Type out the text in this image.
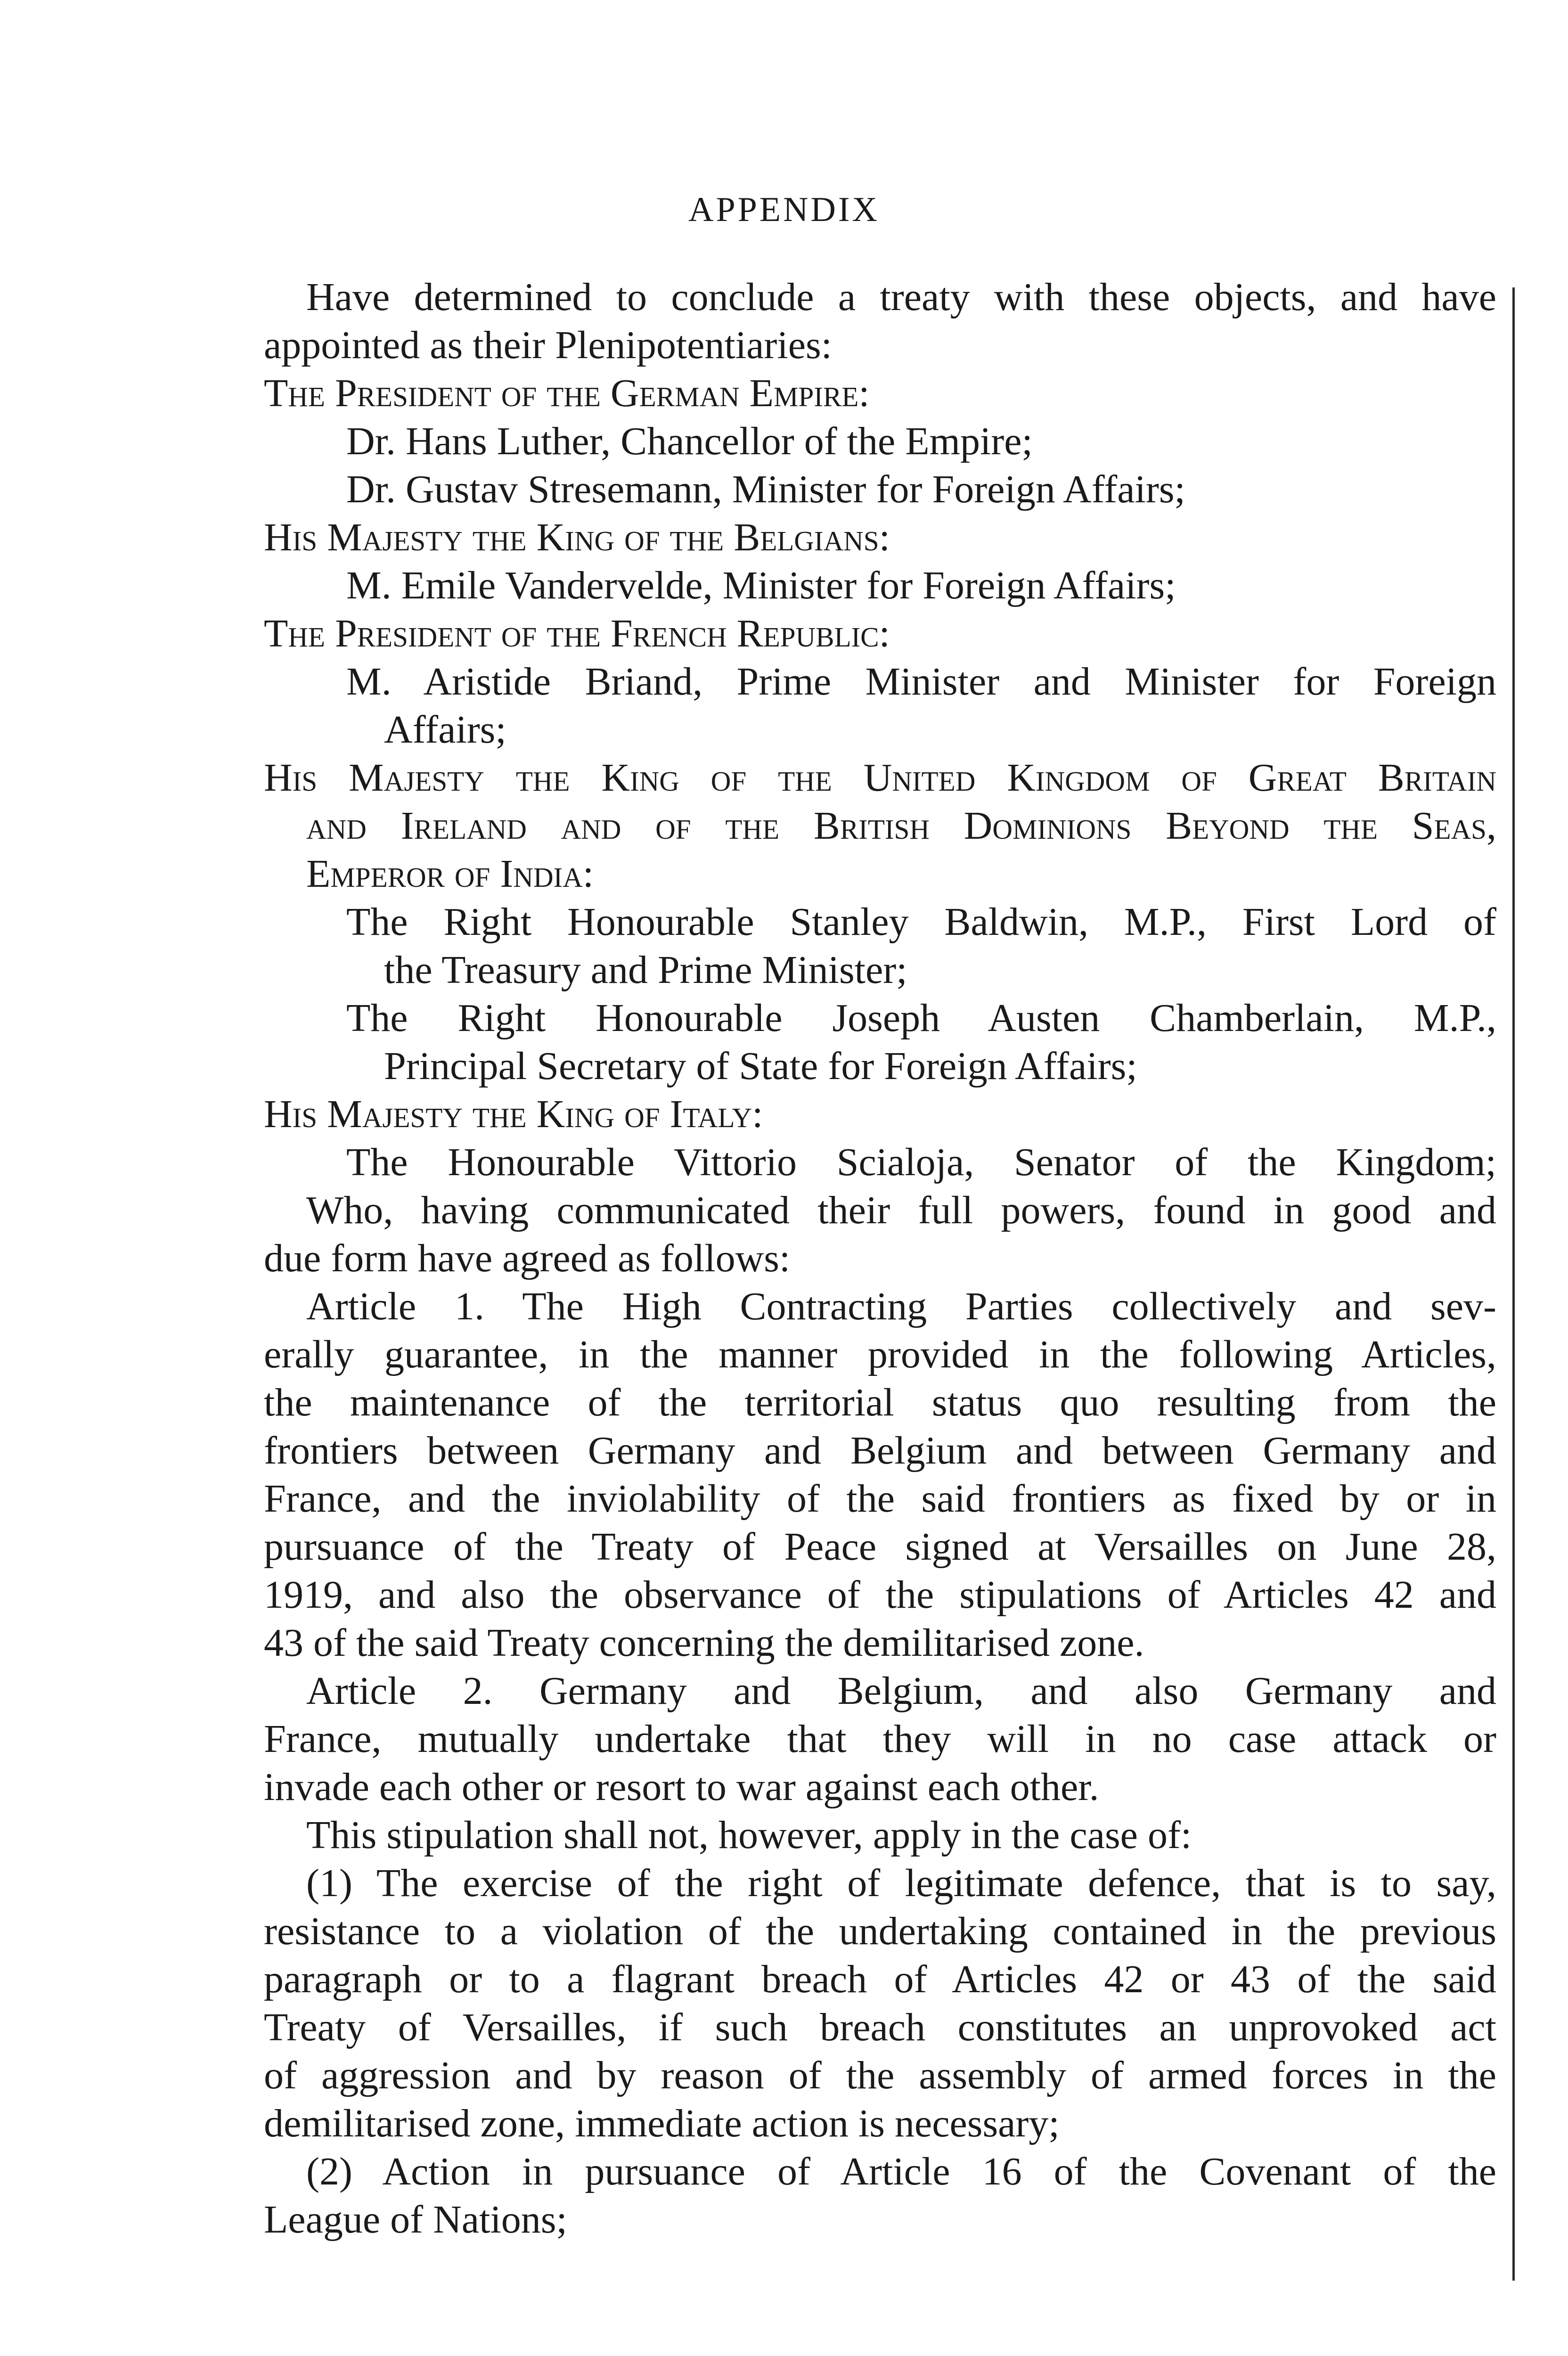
APPENDIX
Have determined to conclude a treaty with these objects, and have
appointed as their Plenipotentiaries:
The President of the German Empire:
Dr. Hans Luther, Chancellor of the Empire;
Dr. Gustav Stresemann, Minister for Foreign Affairs;
His Majesty the King of the Belgians:
M. Emile Vandervelde, Minister for Foreign Affairs;
The President of the French Republic:
M. Aristide Briand, Prime Minister and Minister for Foreign
Affairs;
His Majesty the King of the United Kingdom of Great Britain
and Ireland and of the British Dominions Beyond the Seas,
Emperor of India:
The Right Honourable Stanley Baldwin, M.P., First Lord of
the Treasury and Prime Minister;
The Right Honourable Joseph Austen Chamberlain, M.P.,
Principal Secretary of State for Foreign Affairs;
His Majesty the King of Italy:
The Honourable Vittorio Scialoja, Senator of the Kingdom;
Who, having communicated their full powers, found in good and
due form have agreed as follows:
Article 1. The High Contracting Parties collectively and sev-
erally guarantee, in the manner provided in the following Articles,
the maintenance of the territorial status quo resulting from the
frontiers between Germany and Belgium and between Germany and
France, and the inviolability of the said frontiers as fixed by or in
pursuance of the Treaty of Peace signed at Versailles on June 28,
1919, and also the observance of the stipulations of Articles 42 and
43 of the said Treaty concerning the demilitarised zone.
Article 2. Germany and Belgium, and also Germany and
France, mutually undertake that they will in no case attack or
invade each other or resort to war against each other.
This stipulation shall not, however, apply in the case of:
(1) The exercise of the right of legitimate defence, that is to say,
resistance to a violation of the undertaking contained in the previous
paragraph or to a flagrant breach of Articles 42 or 43 of the said
Treaty of Versailles, if such breach constitutes an unprovoked act
of aggression and by reason of the assembly of armed forces in the
demilitarised zone, immediate action is necessary;
(2) Action in pursuance of Article 16 of the Covenant of the
League of Nations;
